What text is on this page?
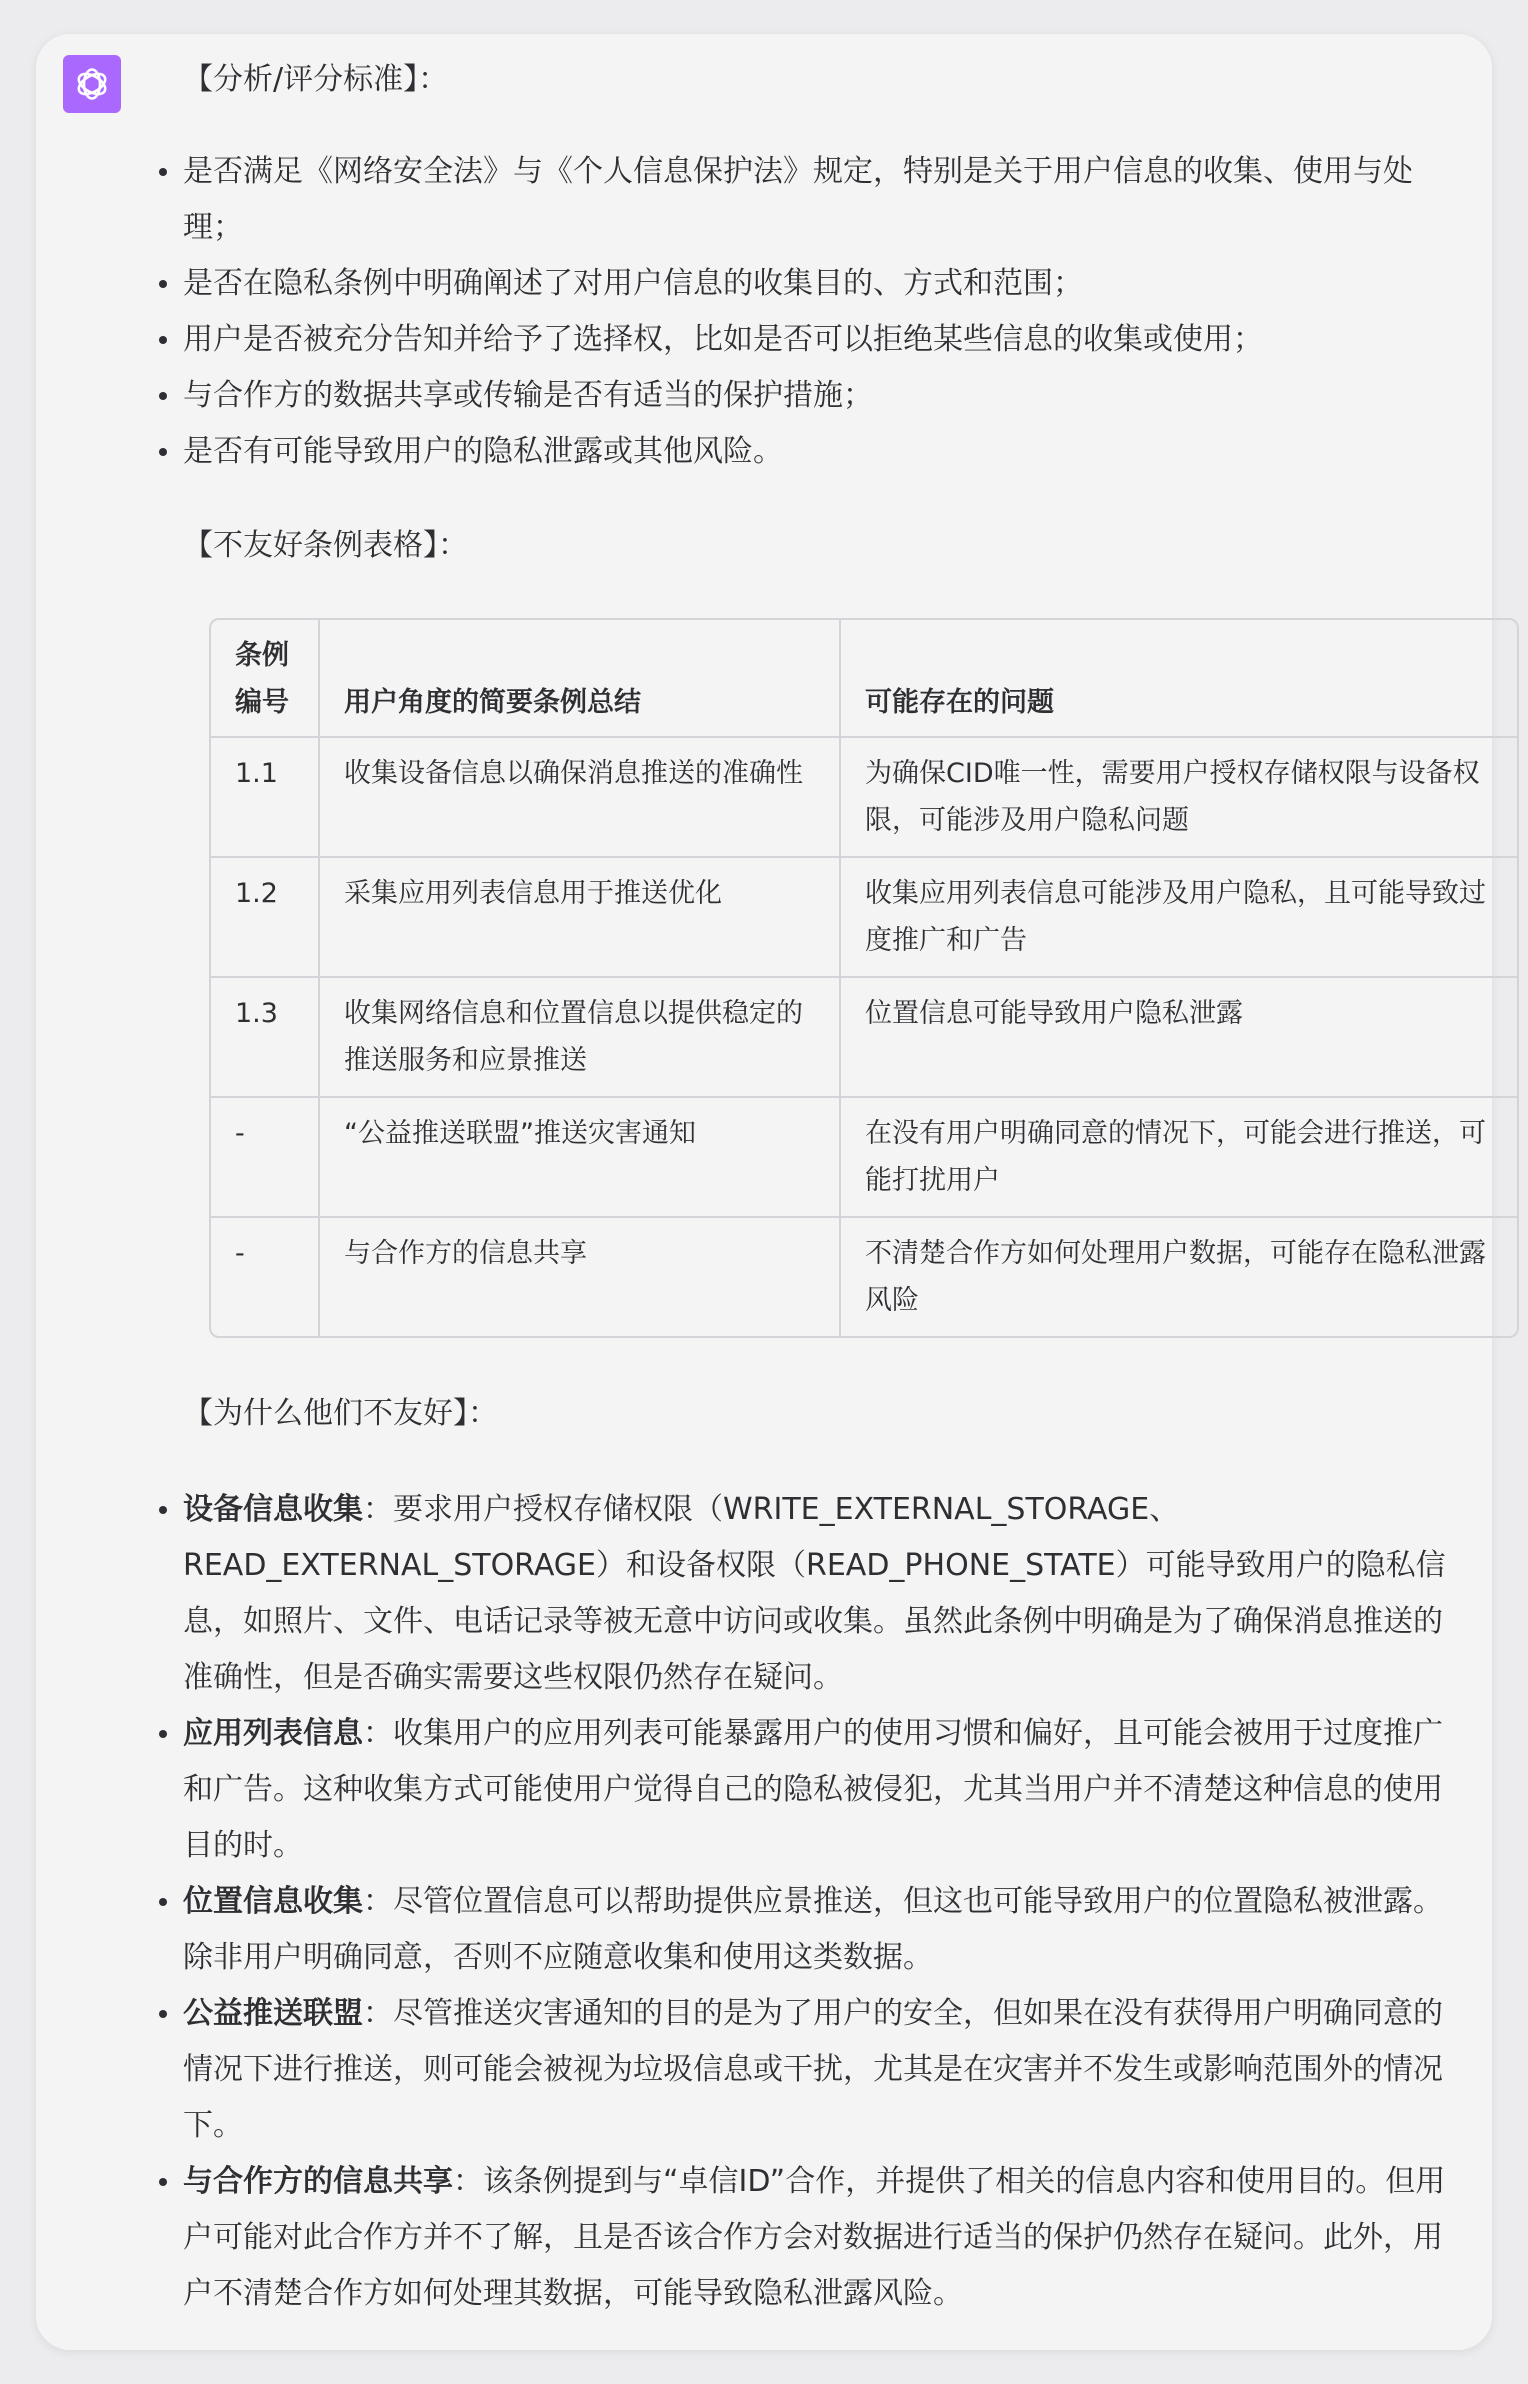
【分析/评分标准】：

是否满足《网络安全法》与《个人信息保护法》规定，特别是关于用户信息的收集、使用与处理；
是否在隐私条例中明确阐述了对用户信息的收集目的、方式和范围；
用户是否被充分告知并给予了选择权，比如是否可以拒绝某些信息的收集或使用；
与合作方的数据共享或传输是否有适当的保护措施；
是否有可能导致用户的隐私泄露或其他风险。

【不友好条例表格】：

条例编号	用户角度的简要条例总结	可能存在的问题
1.1	收集设备信息以确保消息推送的准确性	为确保CID唯一性，需要用户授权存储权限与设备权限，可能涉及用户隐私问题
1.2	采集应用列表信息用于推送优化	收集应用列表信息可能涉及用户隐私，且可能导致过度推广和广告
1.3	收集网络信息和位置信息以提供稳定的推送服务和应景推送	位置信息可能导致用户隐私泄露
-	“公益推送联盟”推送灾害通知	在没有用户明确同意的情况下，可能会进行推送，可能打扰用户
-	与合作方的信息共享	不清楚合作方如何处理用户数据，可能存在隐私泄露风险

【为什么他们不友好】：

设备信息收集：要求用户授权存储权限（WRITE_EXTERNAL_STORAGE、READ_EXTERNAL_STORAGE）和设备权限（READ_PHONE_STATE）可能导致用户的隐私信息，如照片、文件、电话记录等被无意中访问或收集。虽然此条例中明确是为了确保消息推送的准确性，但是否确实需要这些权限仍然存在疑问。
应用列表信息：收集用户的应用列表可能暴露用户的使用习惯和偏好，且可能会被用于过度推广和广告。这种收集方式可能使用户觉得自己的隐私被侵犯，尤其当用户并不清楚这种信息的使用目的时。
位置信息收集：尽管位置信息可以帮助提供应景推送，但这也可能导致用户的位置隐私被泄露。除非用户明确同意，否则不应随意收集和使用这类数据。
公益推送联盟：尽管推送灾害通知的目的是为了用户的安全，但如果在没有获得用户明确同意的情况下进行推送，则可能会被视为垃圾信息或干扰，尤其是在灾害并不发生或影响范围外的情况下。
与合作方的信息共享：该条例提到与“卓信ID”合作，并提供了相关的信息内容和使用目的。但用户可能对此合作方并不了解，且是否该合作方会对数据进行适当的保护仍然存在疑问。此外，用户不清楚合作方如何处理其数据，可能导致隐私泄露风险。
